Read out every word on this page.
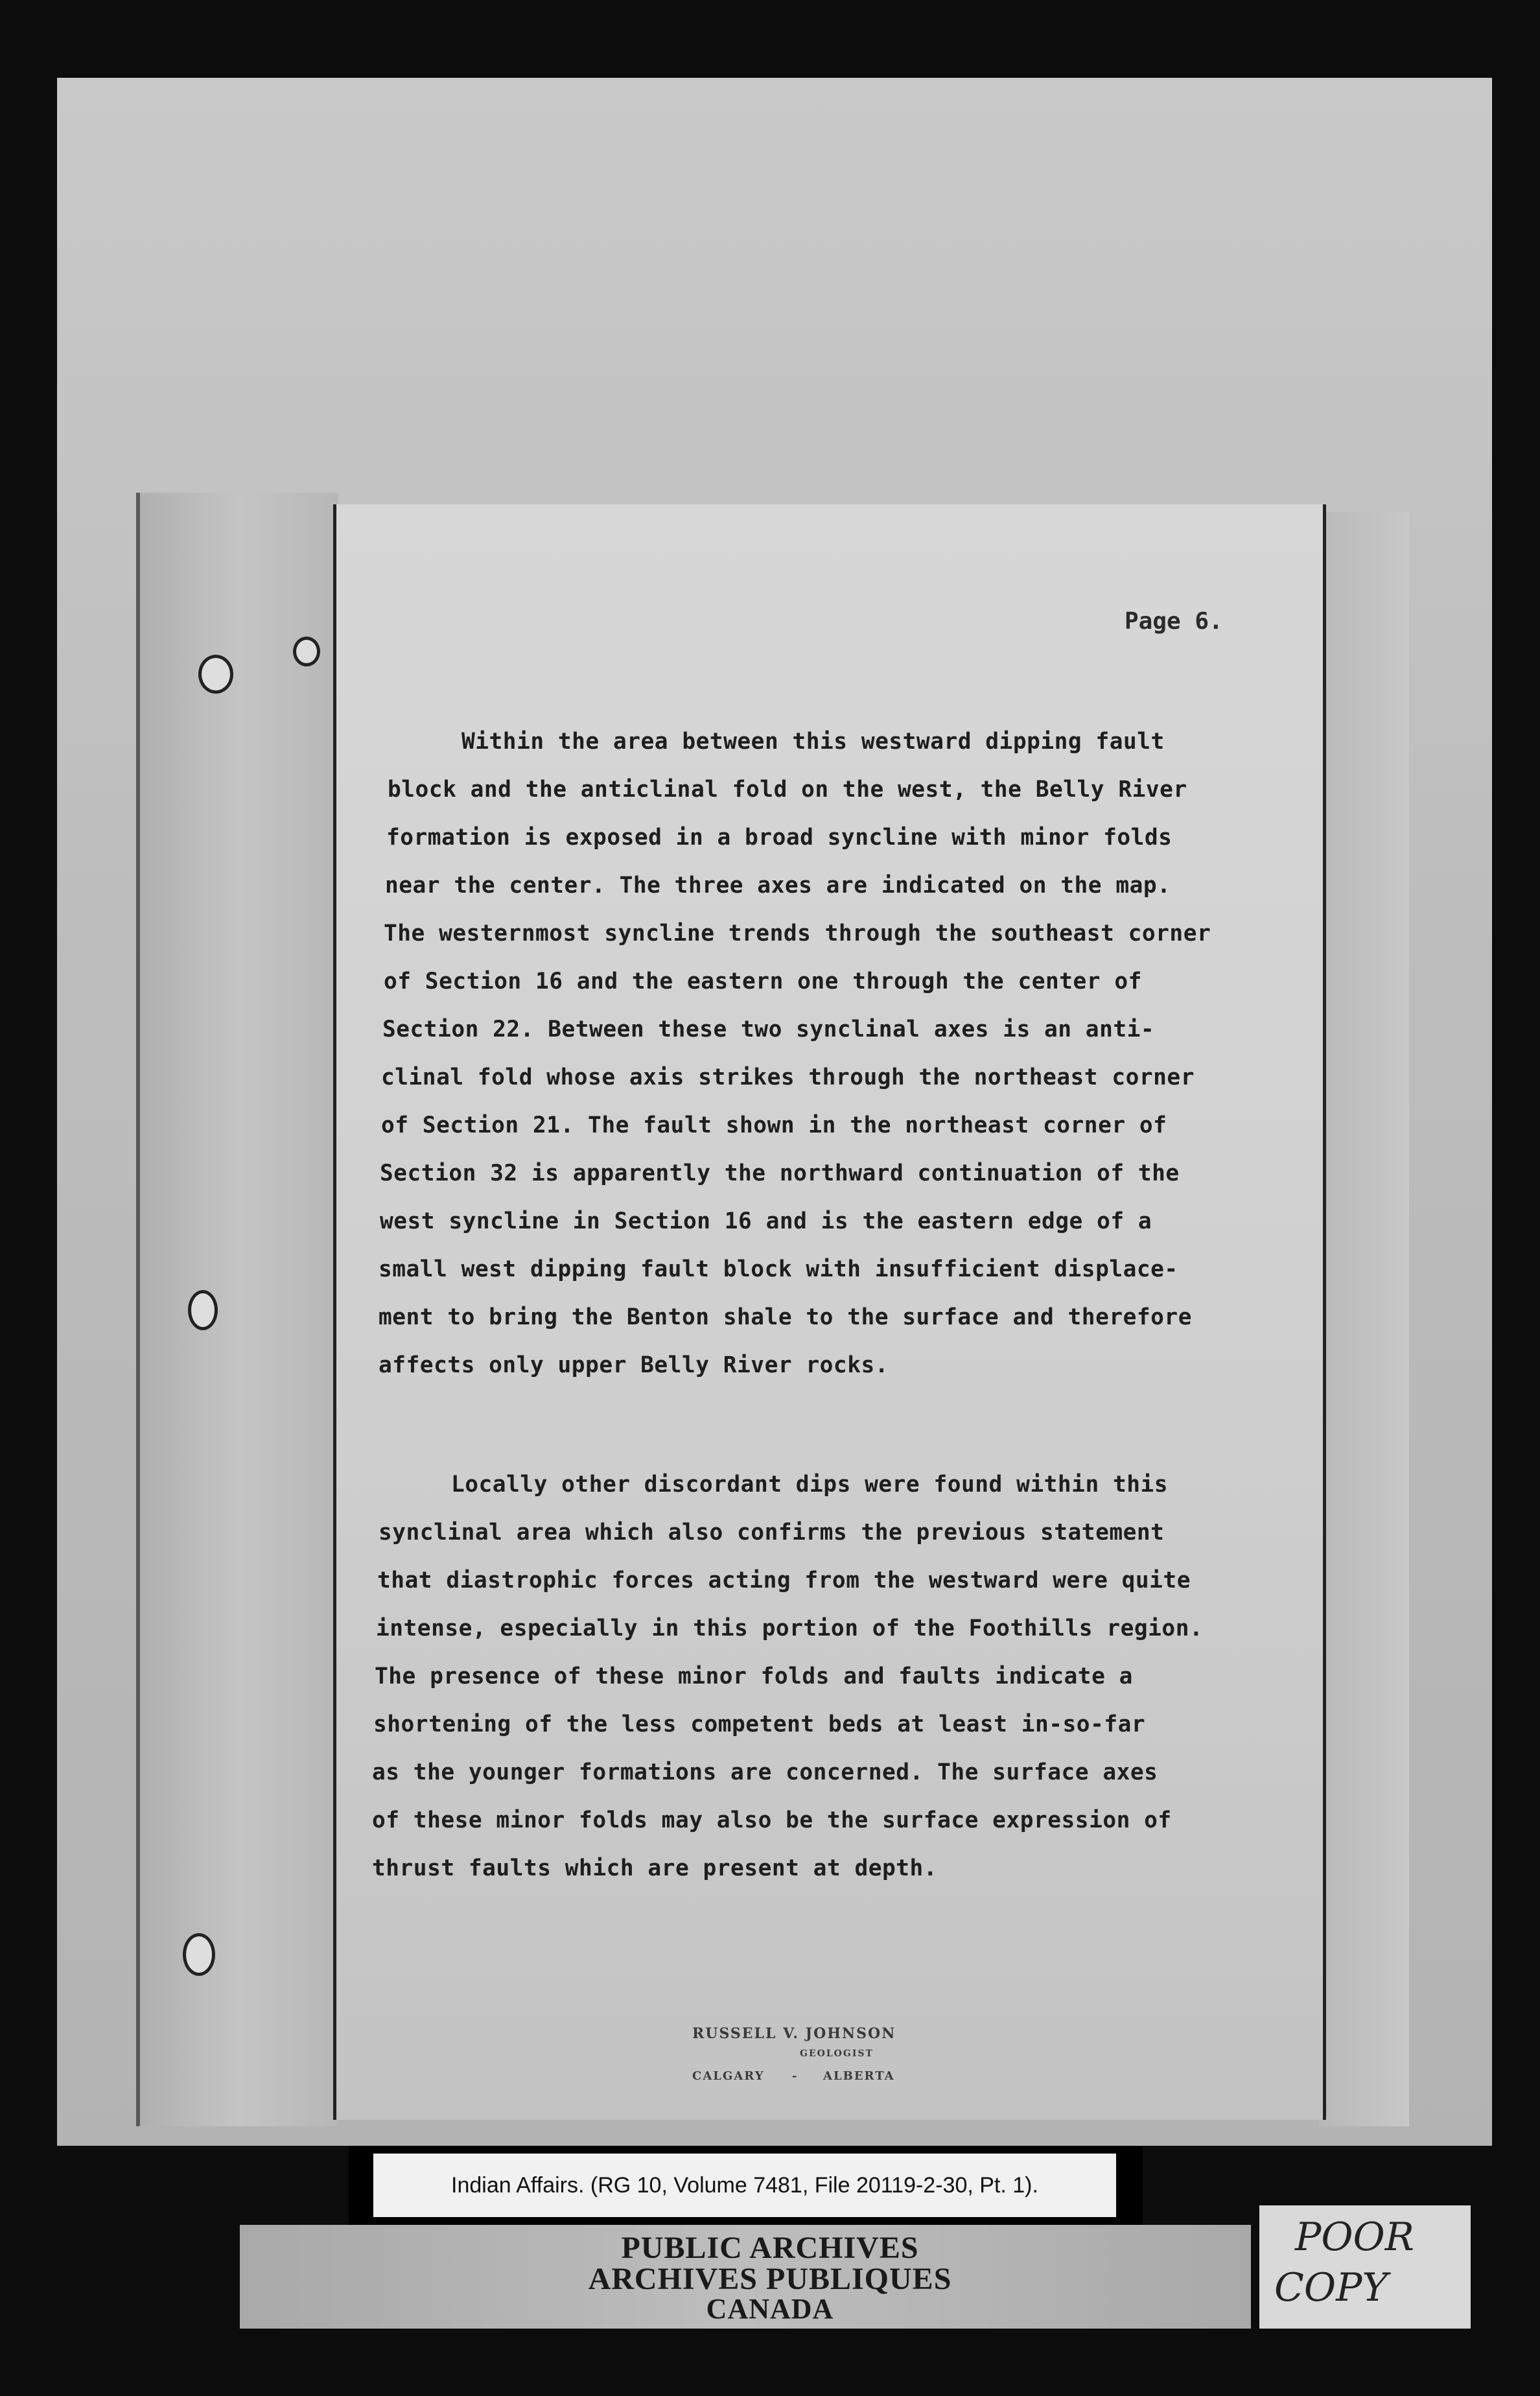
Page 6.
Within the area between this westward dipping fault
block and the anticlinal fold on the west, the Belly River
formation is exposed in a broad syncline with minor folds
near the center. The three axes are indicated on the map.
The westernmost syncline trends through the southeast corner
of Section 16 and the eastern one through the center of
Section 22. Between these two synclinal axes is an anti-
clinal fold whose axis strikes through the northeast corner
of Section 21. The fault shown in the northeast corner of
Section 32 is apparently the northward continuation of the
west syncline in Section 16 and is the eastern edge of a
small west dipping fault block with insufficient displace-
ment to bring the Benton shale to the surface and therefore
affects only upper Belly River rocks.
Locally other discordant dips were found within this
synclinal area which also confirms the previous statement
that diastrophic forces acting from the westward were quite
intense, especially in this portion of the Foothills region.
The presence of these minor folds and faults indicate a
shortening of the less competent beds at least in-so-far
as the younger formations are concerned. The surface axes
of these minor folds may also be the surface expression of
thrust faults which are present at depth.
RUSSELL V. JOHNSON
GEOLOGIST
CALGARY - ALBERTA
Indian Affairs. (RG 10, Volume 7481, File 20119-2-30, Pt. 1).
PUBLIC ARCHIVES
ARCHIVES PUBLIQUES
CANADA
POOR
COPY
